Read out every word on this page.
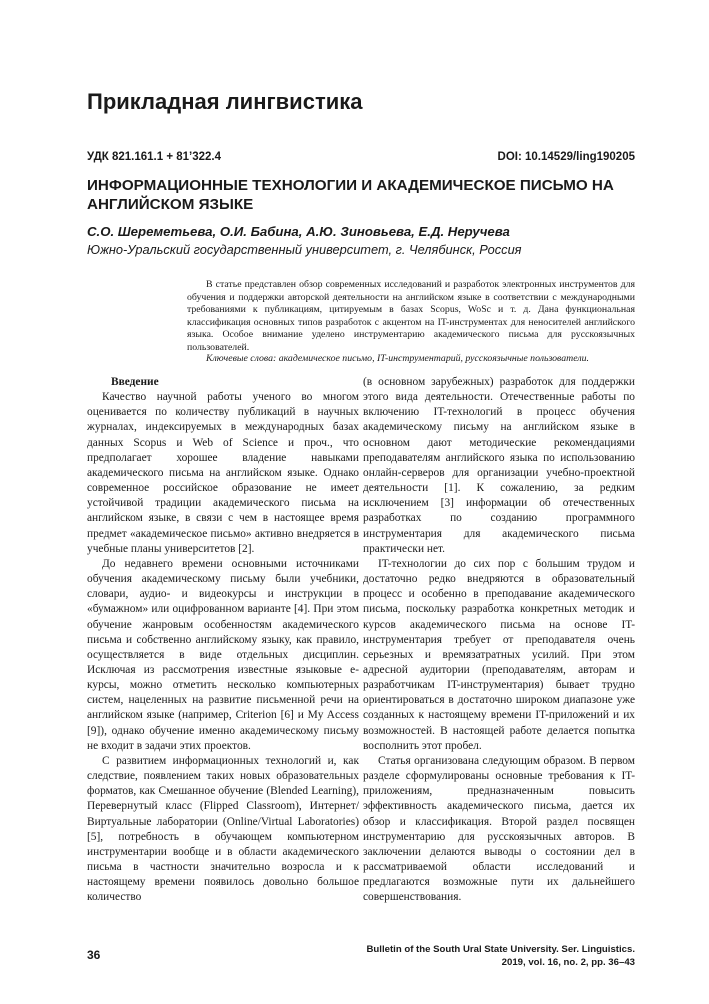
Прикладная лингвистика
УДК 821.161.1 + 81’322.4	DOI: 10.14529/ling190205
ИНФОРМАЦИОННЫЕ ТЕХНОЛОГИИ И АКАДЕМИЧЕСКОЕ ПИСЬМО НА АНГЛИЙСКОМ ЯЗЫКЕ
С.О. Шереметьева, О.И. Бабина, А.Ю. Зиновьева, Е.Д. Неручева
Южно-Уральский государственный университет, г. Челябинск, Россия

В статье представлен обзор современных исследований и разработок электронных инструментов для обучения и поддержки авторской деятельности на английском языке в соответствии с международными требованиями к публикациям, цитируемым в базах Scopus, WoSc и т. д. Дана функциональная классификация основных типов разработок с акцентом на IT-инструментах для неносителей английского языка. Особое внимание уделено инструментарию академического письма для русскоязычных пользователей.

Ключевые слова: академическое письмо, IT-инструментарий, русскоязычные пользователи.

Введение

Качество научной работы ученого во многом оценивается по количеству публикаций в научных журналах, индексируемых в международных базах данных Scopus и Web of Science и проч., что предполагает хорошее владение навыками академического письма на английском языке. Однако современное российское образование не имеет устойчивой традиции академического письма на английском языке, в связи с чем в настоящее время предмет «академическое письмо» активно внедряется в учебные планы университетов [2].

До недавнего времени основными источниками обучения академическому письму были учебники, словари, аудио- и видеокурсы и инструкции в «бумажном» или оцифрованном варианте [4]. При этом обучение жанровым особенностям академического письма и собственно английскому языку, как правило, осуществляется в виде отдельных дисциплин. Исключая из рассмотрения известные языковые e-курсы, можно отметить несколько компьютерных систем, нацеленных на развитие письменной речи на английском языке (например, Criterion [6] и My Access [9]), однако обучение именно академическому письму не входит в задачи этих проектов.

С развитием информационных технологий и, как следствие, появлением таких новых образовательных форматов, как Смешанное обучение (Blended Learning), Перевернутый класс (Flipped Classroom), Интернет/Виртуальные лаборатории (Online/Virtual Laboratories) [5], потребность в обучающем компьютерном инструментарии вообще и в области академического письма в частности значительно возросла и к настоящему времени появилось довольно большое количество

(в основном зарубежных) разработок для поддержки этого вида деятельности. Отечественные работы по включению IT-технологий в процесс обучения академическому письму на английском языке в основном дают методические рекомендациями преподавателям английского языка по использованию онлайн-серверов для организации учебно-проектной деятельности [1]. К сожалению, за редким исключением [3] информации об отечественных разработках по созданию программного инструментария для академического письма практически нет.

IT-технологии до сих пор с большим трудом и достаточно редко внедряются в образовательный процесс и особенно в преподавание академического письма, поскольку разработка конкретных методик и курсов академического письма на основе IT-инструментария требует от преподавателя очень серьезных и времязатратных усилий. При этом адресной аудитории (преподавателям, авторам и разработчикам IT-инструментария) бывает трудно ориентироваться в достаточно широком диапазоне уже созданных к настоящему времени IT-приложений и их возможностей. В настоящей работе делается попытка восполнить этот пробел.

Статья организована следующим образом. В первом разделе сформулированы основные требования к IT-приложениям, предназначенным повысить эффективность академического письма, дается их обзор и классификация. Второй раздел посвящен инструментарию для русскоязычных авторов. В заключении делаются выводы о состоянии дел в рассматриваемой области исследований и предлагаются возможные пути их дальнейшего совершенствования.

36	Bulletin of the South Ural State University. Ser. Linguistics.
2019, vol. 16, no. 2, pp. 36–43
